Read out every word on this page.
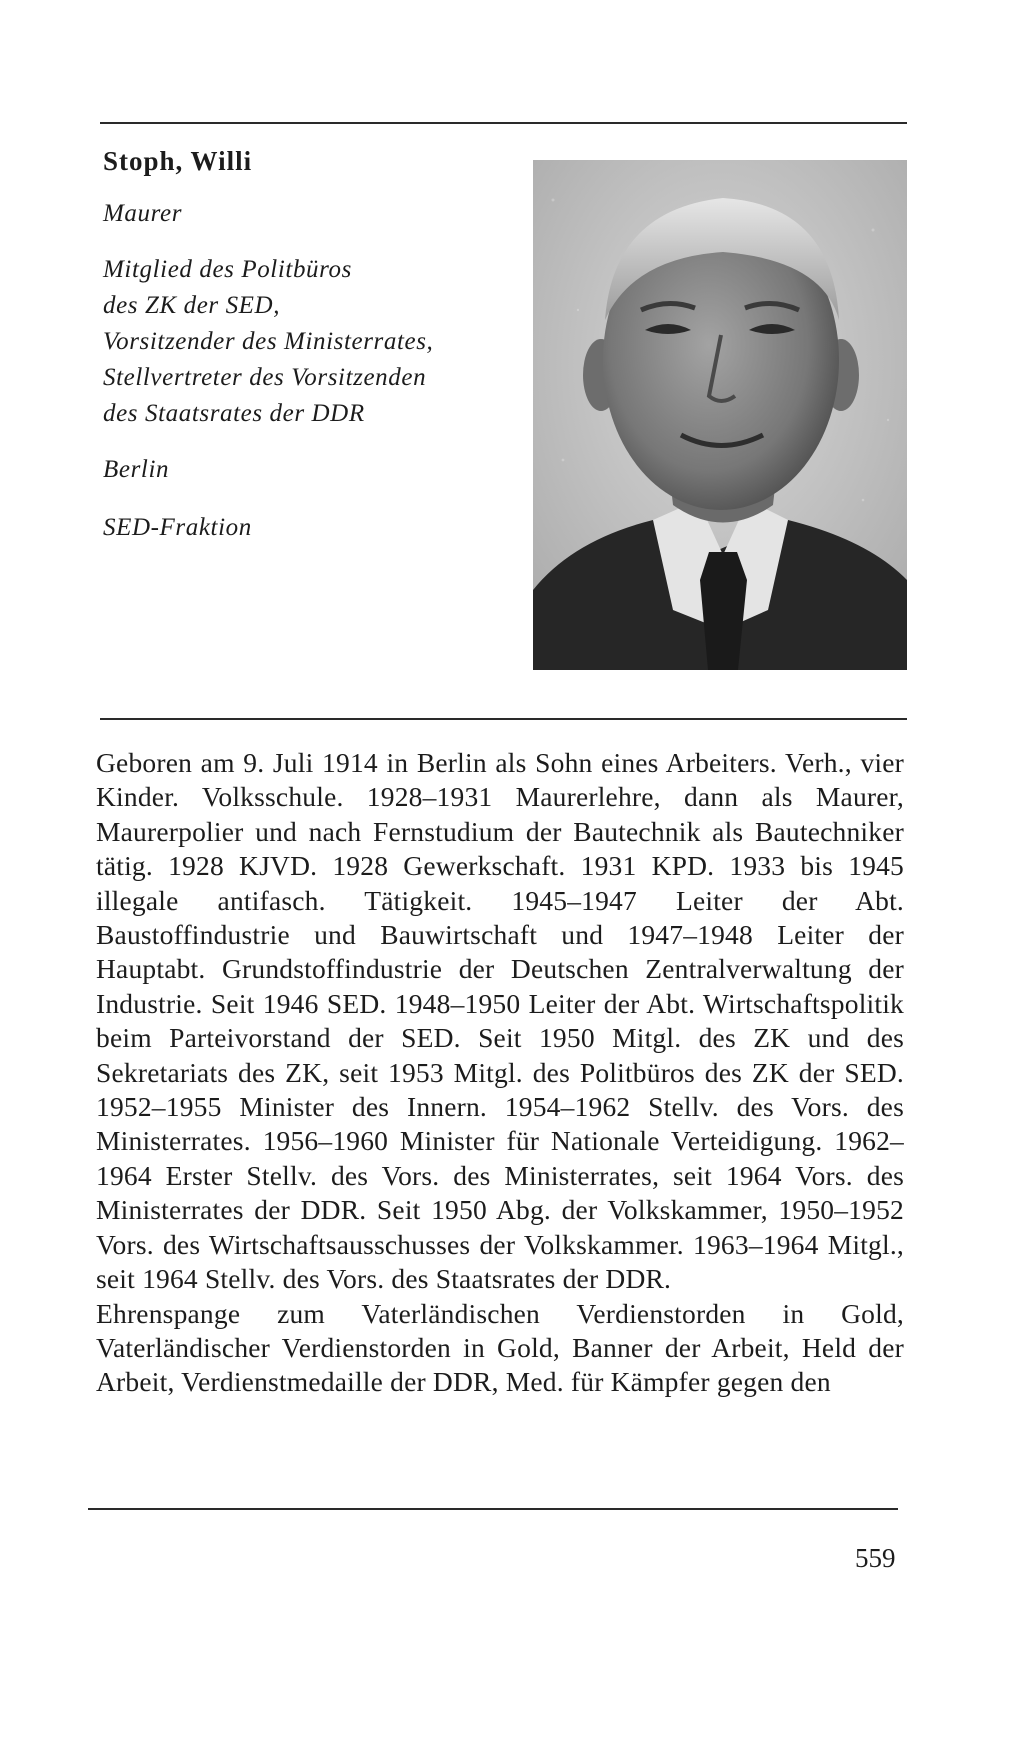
Stoph, Willi

Maurer

Mitglied des Politbüros
des ZK der SED,
Vorsitzender des Ministerrates,
Stellvertreter des Vorsitzenden
des Staatsrates der DDR

Berlin

SED-Fraktion

Geboren am 9. Juli 1914 in Berlin als Sohn eines Arbeiters. Verh., vier Kinder. Volksschule. 1928–1931 Maurerlehre, dann als Maurer, Maurerpolier und nach Fernstudium der Bautechnik als Bautechniker tätig. 1928 KJVD. 1928 Gewerkschaft. 1931 KPD. 1933 bis 1945 illegale antifasch. Tätigkeit. 1945–1947 Leiter der Abt. Baustoffindustrie und Bauwirtschaft und 1947–1948 Leiter der Hauptabt. Grundstoffindustrie der Deutschen Zentralverwaltung der Industrie. Seit 1946 SED. 1948–1950 Leiter der Abt. Wirtschaftspolitik beim Parteivorstand der SED. Seit 1950 Mitgl. des ZK und des Sekretariats des ZK, seit 1953 Mitgl. des Politbüros des ZK der SED. 1952–1955 Minister des Innern. 1954–1962 Stellv. des Vors. des Ministerrates. 1956–1960 Minister für Nationale Verteidigung. 1962–1964 Erster Stellv. des Vors. des Ministerrates, seit 1964 Vors. des Ministerrates der DDR. Seit 1950 Abg. der Volkskammer, 1950–1952 Vors. des Wirtschaftsausschusses der Volkskammer. 1963–1964 Mitgl., seit 1964 Stellv. des Vors. des Staatsrates der DDR.
Ehrenspange zum Vaterländischen Verdienstorden in Gold, Vaterländischer Verdienstorden in Gold, Banner der Arbeit, Held der Arbeit, Verdienstmedaille der DDR, Med. für Kämpfer gegen den
559
